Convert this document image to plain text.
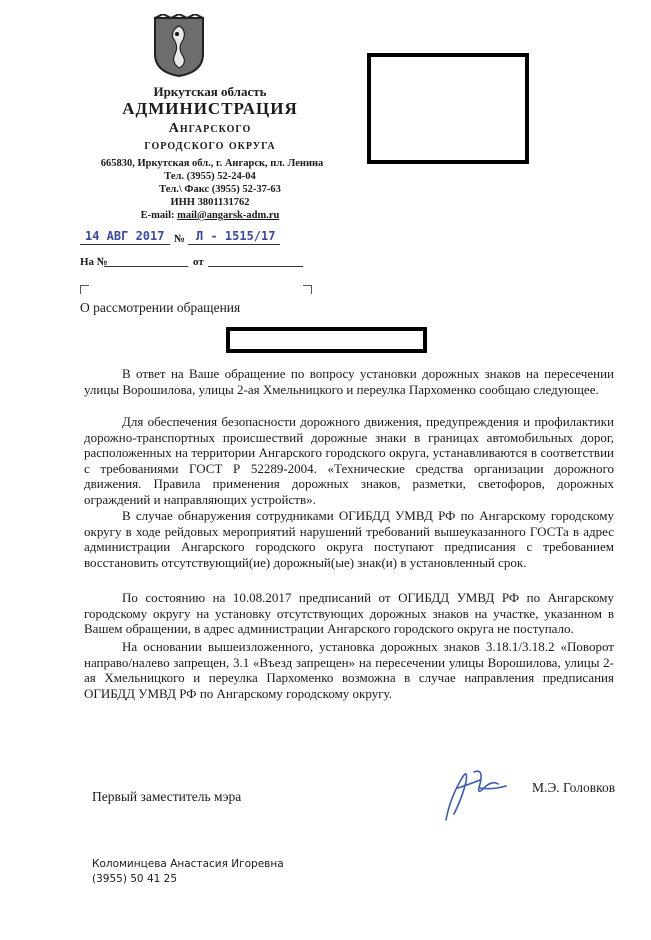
Иркутская область
АДМИНИСТРАЦИЯ
Ангарского
городского округа
665830, Иркутская обл., г. Ангарск, пл. Ленина
Тел. (3955) 52-24-04
Тел.\ Факс (3955) 52-37-63
ИНН 3801131762
E-mail: mail@angarsk-adm.ru
14 АВГ 2017 № Л - 1515/17
На №	от
О рассмотрении обращения
В ответ на Ваше обращение по вопросу установки дорожных знаков на пересечении улицы Ворошилова, улицы 2-ая Хмельницкого и переулка Пархоменко сообщаю следующее.
Для обеспечения безопасности дорожного движения, предупреждения и профилактики дорожно-транспортных происшествий дорожные знаки в границах автомобильных дорог, расположенных на территории Ангарского городского округа, устанавливаются в соответствии с требованиями ГОСТ Р 52289-2004. «Технические средства организации дорожного движения. Правила применения дорожных знаков, разметки, светофоров, дорожных ограждений и направляющих устройств».
В случае обнаружения сотрудниками ОГИБДД УМВД РФ по Ангарскому городскому округу в ходе рейдовых мероприятий нарушений требований вышеуказанного ГОСТа в адрес администрации Ангарского городского округа поступают предписания с требованием восстановить отсутствующий(ие) дорожный(ые) знак(и) в установленный срок.
По состоянию на 10.08.2017 предписаний от ОГИБДД УМВД РФ по Ангарскому городскому округу на установку отсутствующих дорожных знаков на участке, указанном в Вашем обращении, в адрес администрации Ангарского городского округа не поступало.
На основании вышеизложенного, установка дорожных знаков 3.18.1/3.18.2 «Поворот направо/налево запрещен, 3.1 «Въезд запрещен» на пересечении улицы Ворошилова, улицы 2-ая Хмельницкого и переулка Пархоменко возможна в случае направления предписания ОГИБДД УМВД РФ по Ангарскому городскому округу.
Первый заместитель мэра
М.Э. Головков
Коломинцева Анастасия Игоревна
(3955) 50 41 25
